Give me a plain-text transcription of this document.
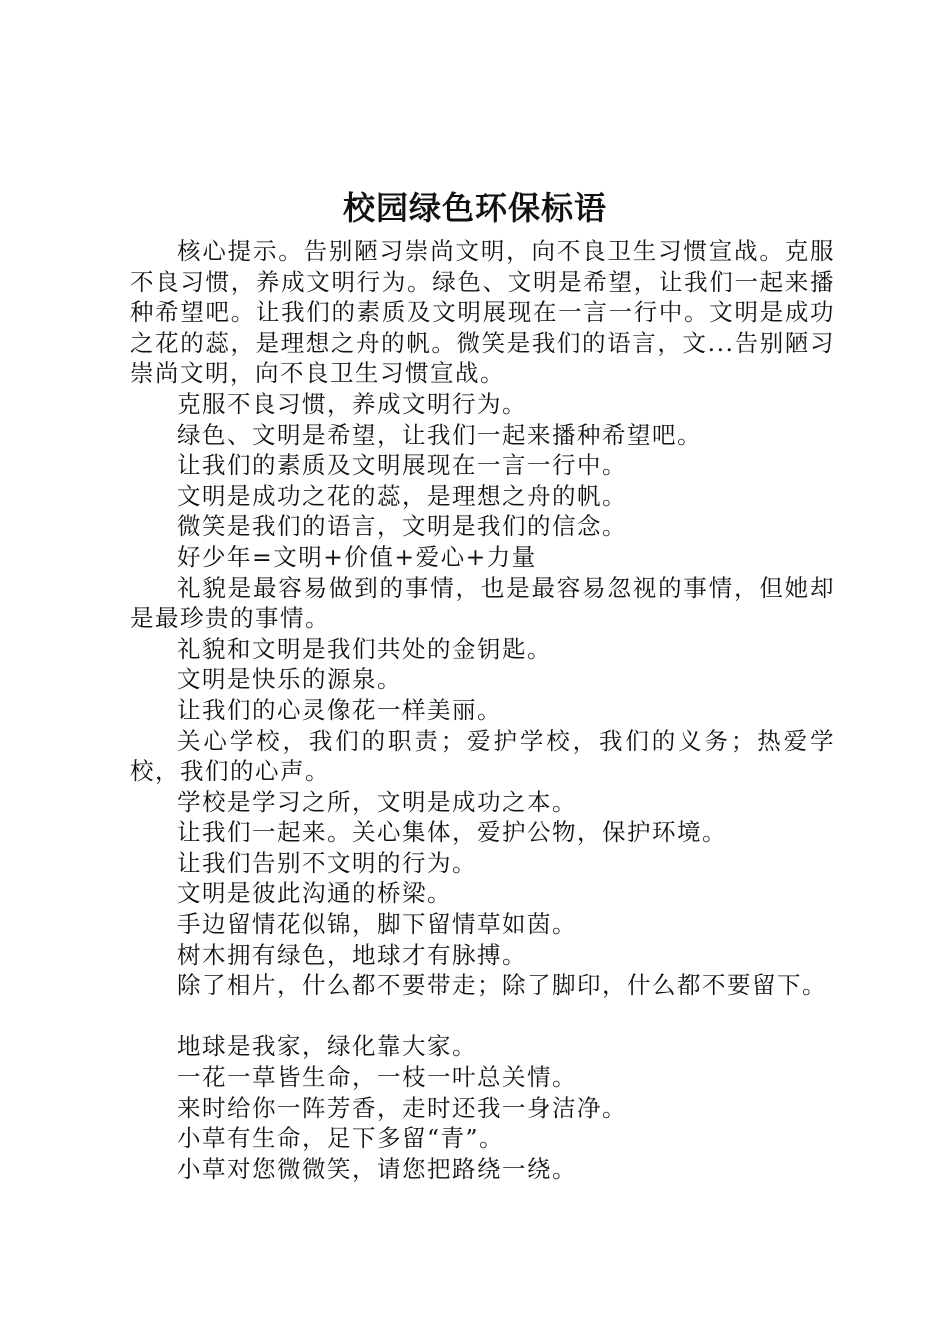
校园绿色环保标语

核心提示。告别陋习崇尚文明，向不良卫生习惯宣战。克服不良习惯，养成文明行为。绿色、文明是希望，让我们一起来播种希望吧。让我们的素质及文明展现在一言一行中。文明是成功之花的蕊，是理想之舟的帆。微笑是我们的语言，文...告别陋习崇尚文明，向不良卫生习惯宣战。

克服不良习惯，养成文明行为。

绿色、文明是希望，让我们一起来播种希望吧。

让我们的素质及文明展现在一言一行中。

文明是成功之花的蕊，是理想之舟的帆。

微笑是我们的语言，文明是我们的信念。

好少年=文明+价值+爱心+力量

礼貌是最容易做到的事情，也是最容易忽视的事情，但她却是最珍贵的事情。

礼貌和文明是我们共处的金钥匙。

文明是快乐的源泉。

让我们的心灵像花一样美丽。

关心学校，我们的职责；爱护学校，我们的义务；热爱学校，我们的心声。

学校是学习之所，文明是成功之本。

让我们一起来。关心集体，爱护公物，保护环境。

让我们告别不文明的行为。

文明是彼此沟通的桥梁。

手边留情花似锦，脚下留情草如茵。

树木拥有绿色，地球才有脉搏。

除了相片，什么都不要带走；除了脚印，什么都不要留下。

地球是我家，绿化靠大家。

一花一草皆生命，一枝一叶总关情。

来时给你一阵芳香，走时还我一身洁净。

小草有生命，足下多留“青”。

小草对您微微笑，请您把路绕一绕。
